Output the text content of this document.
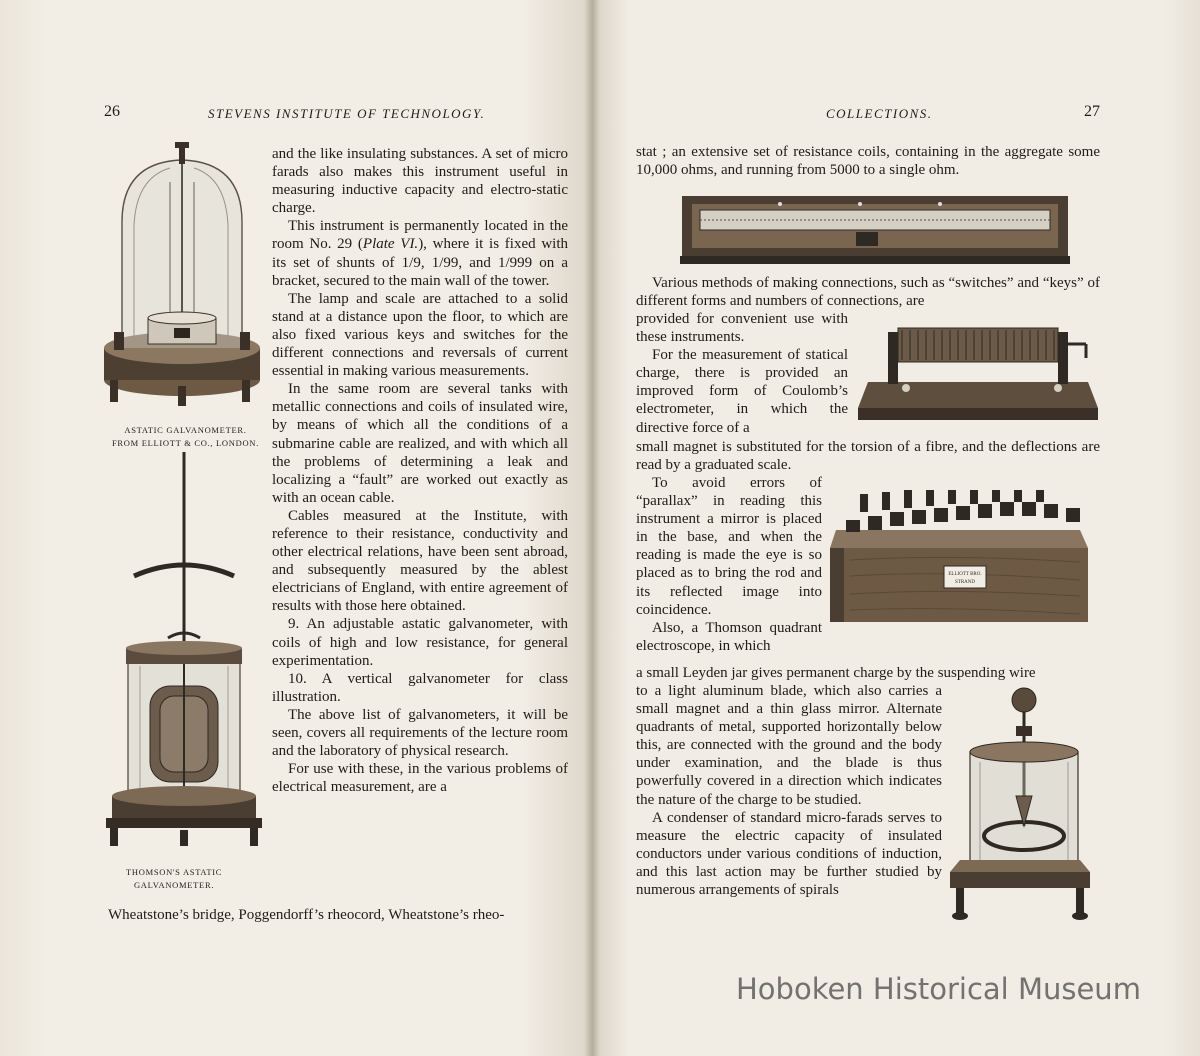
26	STEVENS INSTITUTE OF TECHNOLOGY.
ASTATIC GALVANOMETER.
FROM ELLIOTT & CO., LONDON.
THOMSON'S ASTATIC
GALVANOMETER.

and the like insulating substances. A set of micro farads also makes this instrument useful in measuring inductive capacity and electro-static charge.

This instrument is permanently located in the room No. 29 (Plate VI.), where it is fixed with its set of shunts of 1/9, 1/99, and 1/999 on a bracket, secured to the main wall of the tower.

The lamp and scale are attached to a solid stand at a distance upon the floor, to which are also fixed various keys and switches for the different connections and reversals of current essential in making various measurements.

In the same room are several tanks with metallic connections and coils of insulated wire, by means of which all the conditions of a submarine cable are realized, and with which all the problems of determining a leak and localizing a “fault” are worked out exactly as with an ocean cable.

Cables measured at the Institute, with reference to their resistance, conductivity and other electrical relations, have been sent abroad, and subsequently measured by the ablest electricians of England, with entire agreement of results with those here obtained.

9. An adjustable astatic galvanometer, with coils of high and low resistance, for general experimentation.

10. A vertical galvanometer for class illustration.

The above list of galvanometers, it will be seen, covers all requirements of the lecture room and the laboratory of physical research.

For use with these, in the various problems of electrical measurement, are a

Wheatstone’s bridge, Poggendorff’s rheocord, Wheatstone’s rheo-
COLLECTIONS.	27
stat ; an extensive set of resistance coils, containing in the aggregate some 10,000 ohms, and running from 5000 to a single ohm.

Various methods of making connections, such as “switches” and “keys” of different forms and numbers of connections, are

provided for convenient use with these instruments.

For the measurement of statical charge, there is provided an improved form of Coulomb’s electrometer, in which the directive force of a

small magnet is substituted for the torsion of a fibre, and the deflections are read by a graduated scale.

To avoid errors of “parallax” in reading this instrument a mirror is placed in the base, and when the reading is made the eye is so placed as to bring the rod and its reflected image into coincidence.

Also, a Thomson quadrant electroscope, in which

ELLIOTT BRO.
STRAND
a small Leyden jar gives permanent charge by the suspending wire

to a light aluminum blade, which also carries a small magnet and a thin glass mirror. Alternate quadrants of metal, supported horizontally below this, are connected with the ground and the body under examination, and the blade is thus powerfully covered in a direction which indicates the nature of the charge to be studied.

A condenser of standard micro-farads serves to measure the electric capacity of insulated conductors under various conditions of induction, and this last action may be further studied by numerous arrangements of spirals

Hoboken Historical Museum
